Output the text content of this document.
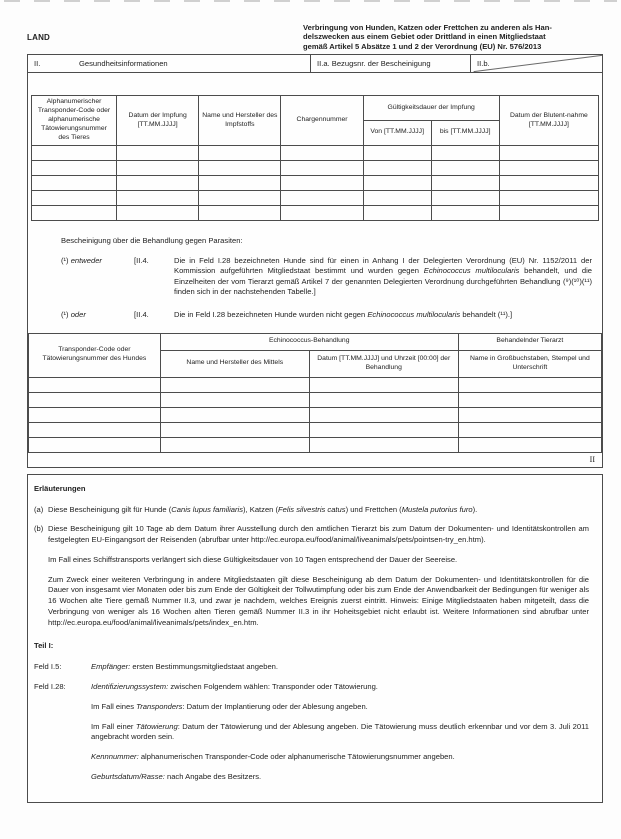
LAND
Verbringung von Hunden, Katzen oder Frettchen zu anderen als Han-
delszwecken aus einem Gebiet oder Drittland in einen Mitgliedstaat
gemäß Artikel 5 Absätze 1 und 2 der Verordnung (EU) Nr. 576/2013
II.	Gesundheitsinformationen	II.a. Bezugsnr. der Bescheinigung	II.b.
Alphanumerischer Transponder-Code oder alphanumerische Tätowierungsnummer des Tieres	Datum der Impfung [TT.MM.JJJJ]	Name und Hersteller des Impfstoffs	Chargennummer	Gültigkeitsdauer der Impfung		Datum der Blutent-nahme [TT.MM.JJJJ]
				Von [TT.MM.JJJJ]	bis [TT.MM.JJJJ]	

Bescheinigung über die Behandlung gegen Parasiten:
(¹) entweder	[II.4.	Die in Feld I.28 bezeichneten Hunde sind für einen in Anhang I der Delegierten Verordnung (EU) Nr. 1152/2011 der Kommission aufgeführten Mitgliedstaat bestimmt und wurden gegen Echinococcus multilocularis behandelt, und die Einzelheiten der vom Tierarzt gemäß Artikel 7 der genannten Delegierten Verordnung durchgeführten Behandlung (⁹)(¹⁰)(¹¹) finden sich in der nachstehenden Tabelle.]
(¹) oder	[II.4.	Die in Feld I.28 bezeichneten Hunde wurden nicht gegen Echinococcus multilocularis behandelt (¹¹).]
Transponder-Code oder Tätowierungsnummer des Hundes	Echinococcus-Behandlung		Behandelnder Tierarzt
	Name und Hersteller des Mittels	Datum [TT.MM.JJJJ] und Uhrzeit [00:00] der Behandlung	Name in Großbuchstaben, Stempel und Unterschrift

II
Erläuterungen
(a) Diese Bescheinigung gilt für Hunde (Canis lupus familiaris), Katzen (Felis silvestris catus) und Frettchen (Mustela putorius furo).
(b) Diese Bescheinigung gilt 10 Tage ab dem Datum ihrer Ausstellung durch den amtlichen Tierarzt bis zum Datum der Dokumenten- und Identitätskontrollen am festgelegten EU-Eingangsort der Reisenden (abrufbar unter http://ec.europa.eu/food/animal/liveanimals/pets/pointsen-try_en.htm).
Im Fall eines Schiffstransports verlängert sich diese Gültigkeitsdauer von 10 Tagen entsprechend der Dauer der Seereise.
Zum Zweck einer weiteren Verbringung in andere Mitgliedstaaten gilt diese Bescheinigung ab dem Datum der Dokumenten- und Identitätskontrollen für die Dauer von insgesamt vier Monaten oder bis zum Ende der Gültigkeit der Tollwutimpfung oder bis zum Ende der Anwendbarkeit der Bedingungen für weniger als 16 Wochen alte Tiere gemäß Nummer II.3, und zwar je nachdem, welches Ereignis zuerst eintritt. Hinweis: Einige Mitgliedstaaten haben mitgeteilt, dass die Verbringung von weniger als 16 Wochen alten Tieren gemäß Nummer II.3 in ihr Hoheitsgebiet nicht erlaubt ist. Weitere Informationen sind abrufbar unter http://ec.europa.eu/food/animal/liveanimals/pets/index_en.htm.
Teil I:
Feld I.5:	Empfänger: ersten Bestimmungsmitgliedstaat angeben.
Feld I.28:	Identifizierungssystem: zwischen Folgendem wählen: Transponder oder Tätowierung.
Im Fall eines Transponders: Datum der Implantierung oder der Ablesung angeben.
Im Fall einer Tätowierung: Datum der Tätowierung und der Ablesung angeben. Die Tätowierung muss deutlich erkennbar und vor dem 3. Juli 2011 angebracht worden sein.
Kennnummer: alphanumerischen Transponder-Code oder alphanumerische Tätowierungsnummer angeben.
Geburtsdatum/Rasse: nach Angabe des Besitzers.
